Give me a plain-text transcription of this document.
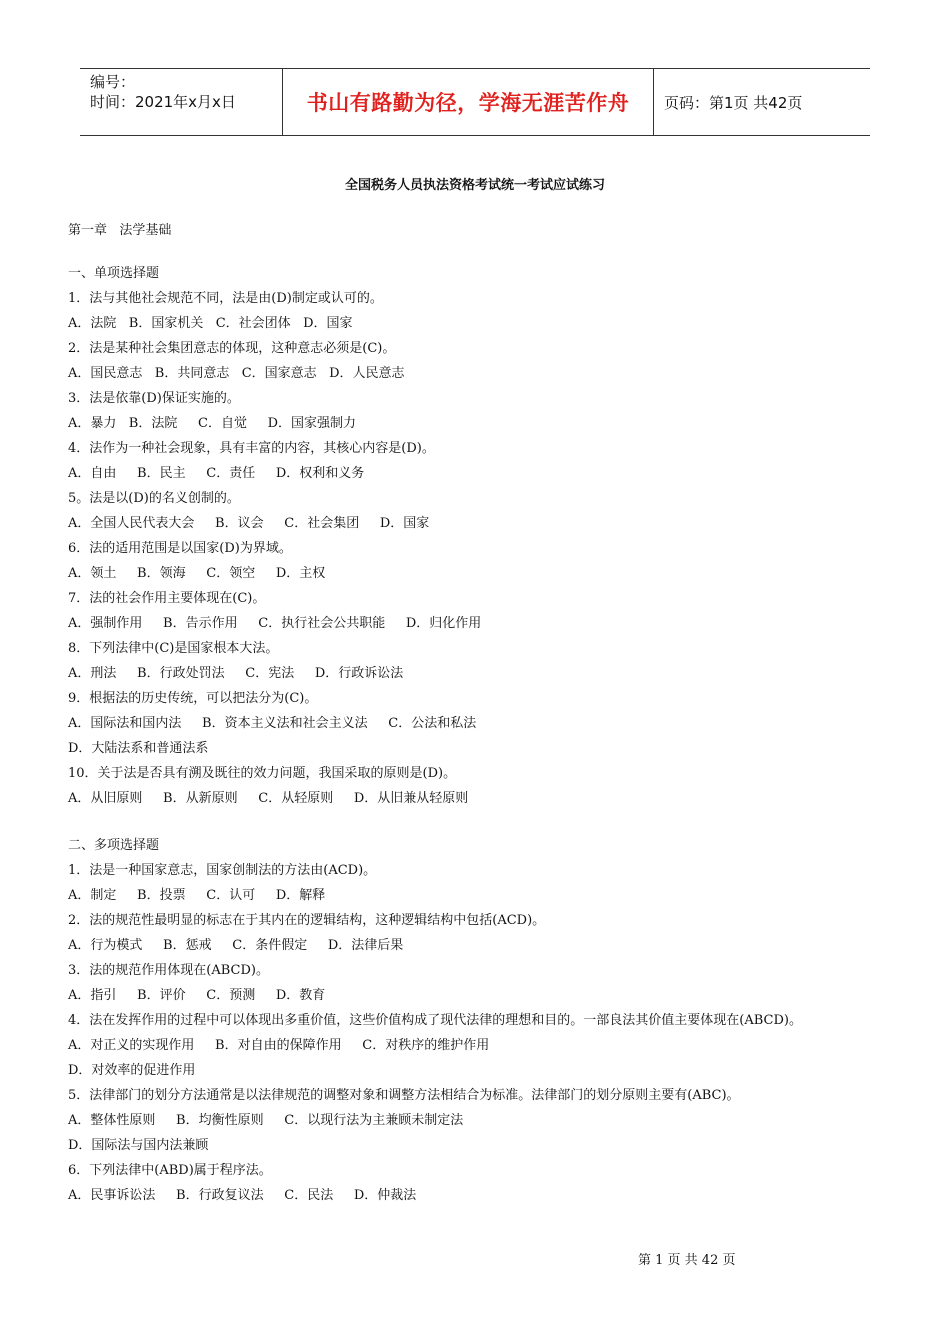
编号：
时间：2021年x月x日	书山有路勤为径，学海无涯苦作舟	页码：第1页 共42页
全国税务人员执法资格考试统一考试应试练习
第一章   法学基础
一、单项选择题
1．法与其他社会规范不同，法是由(D)制定或认可的。
A．法院   B．国家机关   C．社会团体   D．国家
2．法是某种社会集团意志的体现，这种意志必须是(C)。
A．国民意志   B．共同意志   C．国家意志   D．人民意志
3．法是依靠(D)保证实施的。
A．暴力   B．法院     C．自觉     D．国家强制力
4．法作为一种社会现象，具有丰富的内容，其核心内容是(D)。
A．自由     B．民主     C．责任     D．权利和义务
5。法是以(D)的名义创制的。
A．全国人民代表大会     B．议会     C．社会集团     D．国家
6．法的适用范围是以国家(D)为界域。
A．领土     B．领海     C．领空     D．主权
7．法的社会作用主要体现在(C)。
A．强制作用     B．告示作用     C．执行社会公共职能     D．归化作用
8．下列法律中(C)是国家根本大法。
A．刑法     B．行政处罚法     C．宪法     D．行政诉讼法
9．根据法的历史传统，可以把法分为(C)。
A．国际法和国内法     B．资本主义法和社会主义法     C．公法和私法
D．大陆法系和普通法系
10．关于法是否具有溯及既往的效力问题，我国采取的原则是(D)。
A．从旧原则     B．从新原则     C．从轻原则     D．从旧兼从轻原则
二、多项选择题
1．法是一种国家意志，国家创制法的方法由(ACD)。
A．制定     B．投票     C．认可     D．解释
2．法的规范性最明显的标志在于其内在的逻辑结构，这种逻辑结构中包括(ACD)。
A．行为模式     B．惩戒     C．条件假定     D．法律后果
3．法的规范作用体现在(ABCD)。
A．指引     B．评价     C．预测     D．教育
4．法在发挥作用的过程中可以体现出多重价值，这些价值构成了现代法律的理想和目的。一部良法其价值主要体现在(ABCD)。
A．对正义的实现作用     B．对自由的保障作用     C．对秩序的维护作用
D．对效率的促进作用
5．法律部门的划分方法通常是以法律规范的调整对象和调整方法相结合为标准。法律部门的划分原则主要有(ABC)。
A．整体性原则     B．均衡性原则     C．以现行法为主兼顾未制定法
D．国际法与国内法兼顾
6．下列法律中(ABD)属于程序法。
A．民事诉讼法     B．行政复议法     C．民法     D．仲裁法
第 1 页 共 42 页
